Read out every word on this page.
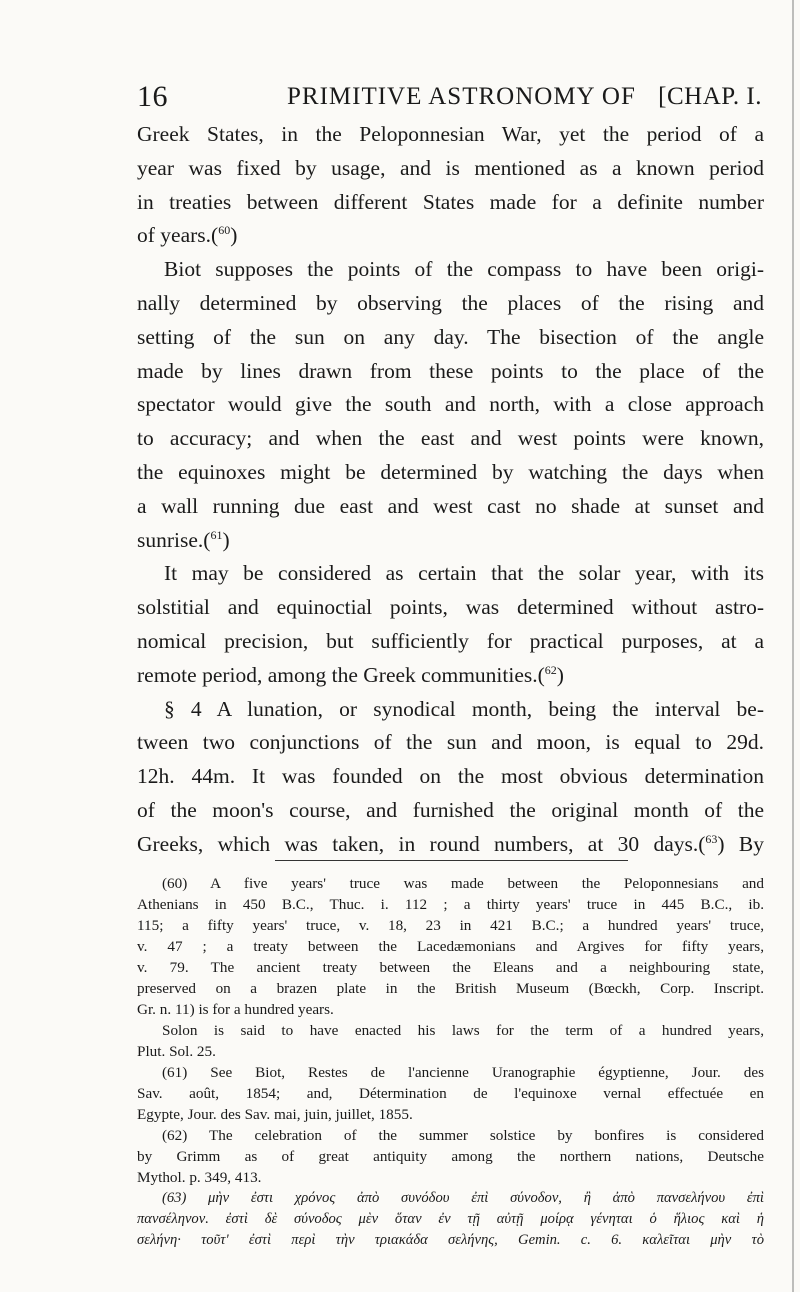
16	PRIMITIVE ASTRONOMY OF [CHAP. I.
Greek States, in the Peloponnesian War, yet the period of a
year was fixed by usage, and is mentioned as a known period
in treaties between different States made for a definite number
of years.($^{60}$)
Biot supposes the points of the compass to have been origi-
nally determined by observing the places of the rising and
setting of the sun on any day. The bisection of the angle
made by lines drawn from these points to the place of the
spectator would give the south and north, with a close approach
to accuracy; and when the east and west points were known,
the equinoxes might be determined by watching the days when
a wall running due east and west cast no shade at sunset and
sunrise.($^{61}$)
It may be considered as certain that the solar year, with its
solstitial and equinoctial points, was determined without astro-
nomical precision, but sufficiently for practical purposes, at a
remote period, among the Greek communities.($^{62}$)
§ 4 A lunation, or synodical month, being the interval be-
tween two conjunctions of the sun and moon, is equal to 29d.
12h. 44m. It was founded on the most obvious determination
of the moon's course, and furnished the original month of the
Greeks, which was taken, in round numbers, at 30 days.($^{63}$) By
(60) A five years' truce was made between the Peloponnesians and
Athenians in 450 B.C., Thuc. i. 112 ; a thirty years' truce in 445 B.C., ib.
115; a fifty years' truce, v. 18, 23 in 421 B.C.; a hundred years' truce,
v. 47 ; a treaty between the Lacedæmonians and Argives for fifty years,
v. 79. The ancient treaty between the Eleans and a neighbouring state,
preserved on a brazen plate in the British Museum (Bœckh, Corp. Inscript.
Gr. n. 11) is for a hundred years.
Solon is said to have enacted his laws for the term of a hundred years,
Plut. Sol. 25.
(61) See Biot, Restes de l'ancienne Uranographie égyptienne, Jour. des
Sav. août, 1854; and, Détermination de l'equinoxe vernal effectuée en
Egypte, Jour. des Sav. mai, juin, juillet, 1855.
(62) The celebration of the summer solstice by bonfires is considered
by Grimm as of great antiquity among the northern nations, Deutsche
Mythol. p. 349, 413.
(63) μὴν ἐστι χρόνος ἀπὸ συνόδου ἐπὶ σύνοδον, ἢ ἀπὸ πανσελήνου ἐπὶ
πανσέληνον. ἐστὶ δὲ σύνοδος μὲν ὅταν ἐν τῇ αὐτῇ μοίρᾳ γένηται ὁ ἥλιος καὶ ἡ
σελήνη· τοῦτ' ἐστὶ περὶ τὴν τριακάδα σελήνης, Gemin. c. 6. καλεῖται μὴν τὸ
